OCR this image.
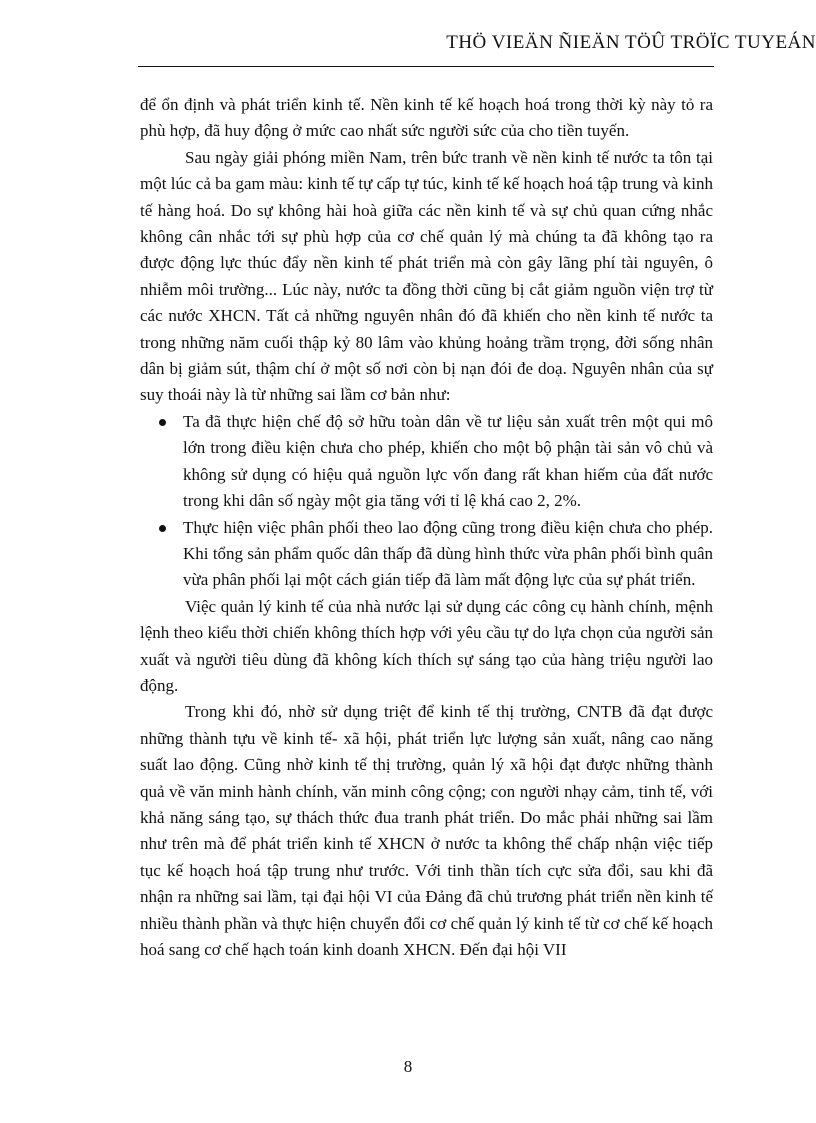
THÖ VIEÄN ÑIEÄN TÖÛ TRÖÏC TUYEÁN

để ổn định và phát triển kinh tế. Nền kinh tế kế hoạch hoá trong thời kỳ này tỏ ra phù hợp, đã huy động ở mức cao nhất sức người sức của cho tiền tuyến.

Sau ngày giải phóng miền Nam, trên bức tranh về nền kinh tế nước ta tôn tại một lúc cả ba gam màu: kinh tế tự cấp tự túc, kinh tế kế hoạch hoá tập trung và kinh tế hàng hoá. Do sự không hài hoà giữa các nền kinh tế và sự chủ quan cứng nhắc không cân nhắc tới sự phù hợp của cơ chế quản lý mà chúng ta đã không tạo ra được động lực thúc đẩy nền kinh tế phát triển mà còn gây lãng phí tài nguyên, ô nhiễm môi trường... Lúc này, nước ta đồng thời cũng bị cắt giảm nguồn viện trợ từ các nước XHCN. Tất cả những nguyên nhân đó đã khiến cho nền kinh tế nước ta trong những năm cuối thập kỷ 80 lâm vào khủng hoảng trầm trọng, đời sống nhân dân bị giảm sút, thậm chí ở một số nơi còn bị nạn đói đe doạ. Nguyên nhân của sự suy thoái này là từ những sai lầm cơ bản như:

Ta đã thực hiện chế độ sở hữu toàn dân về tư liệu sản xuất trên một qui mô lớn trong điều kiện chưa cho phép, khiến cho một bộ phận tài sản vô chủ và không sử dụng có hiệu quả nguồn lực vốn đang rất khan hiếm của đất nước trong khi dân số ngày một gia tăng với tỉ lệ khá cao 2, 2%.
Thực hiện việc phân phối theo lao động cũng trong điều kiện chưa cho phép. Khi tổng sản phẩm quốc dân thấp đã dùng hình thức vừa phân phối bình quân vừa phân phối lại một cách gián tiếp đã làm mất động lực của sự phát triển.

Việc quản lý kinh tế của nhà nước lại sử dụng các công cụ hành chính, mệnh lệnh theo kiểu thời chiến không thích hợp với yêu cầu tự do lựa chọn của người sản xuất và người tiêu dùng đã không kích thích sự sáng tạo của hàng triệu người lao động.

Trong khi đó, nhờ sử dụng triệt để kinh tế thị trường, CNTB đã đạt được những thành tựu về kinh tế- xã hội, phát triển lực lượng sản xuất, nâng cao năng suất lao động. Cũng nhờ kinh tế thị trường, quản lý xã hội đạt được những thành quả về văn minh hành chính, văn minh công cộng; con người nhạy cảm, tinh tế, với khả năng sáng tạo, sự thách thức đua tranh phát triển. Do mắc phải những sai lầm như trên mà để phát triển kinh tế XHCN ở nước ta không thể chấp nhận việc tiếp tục kế hoạch hoá tập trung như trước. Với tinh thần tích cực sửa đổi, sau khi đã nhận ra những sai lầm, tại đại hội VI của Đảng đã chủ trương phát triển nền kinh tế nhiều thành phần và thực hiện chuyển đổi cơ chế quản lý kinh tế từ cơ chế kế hoạch hoá sang cơ chế hạch toán kinh doanh XHCN. Đến đại hội VII

8
